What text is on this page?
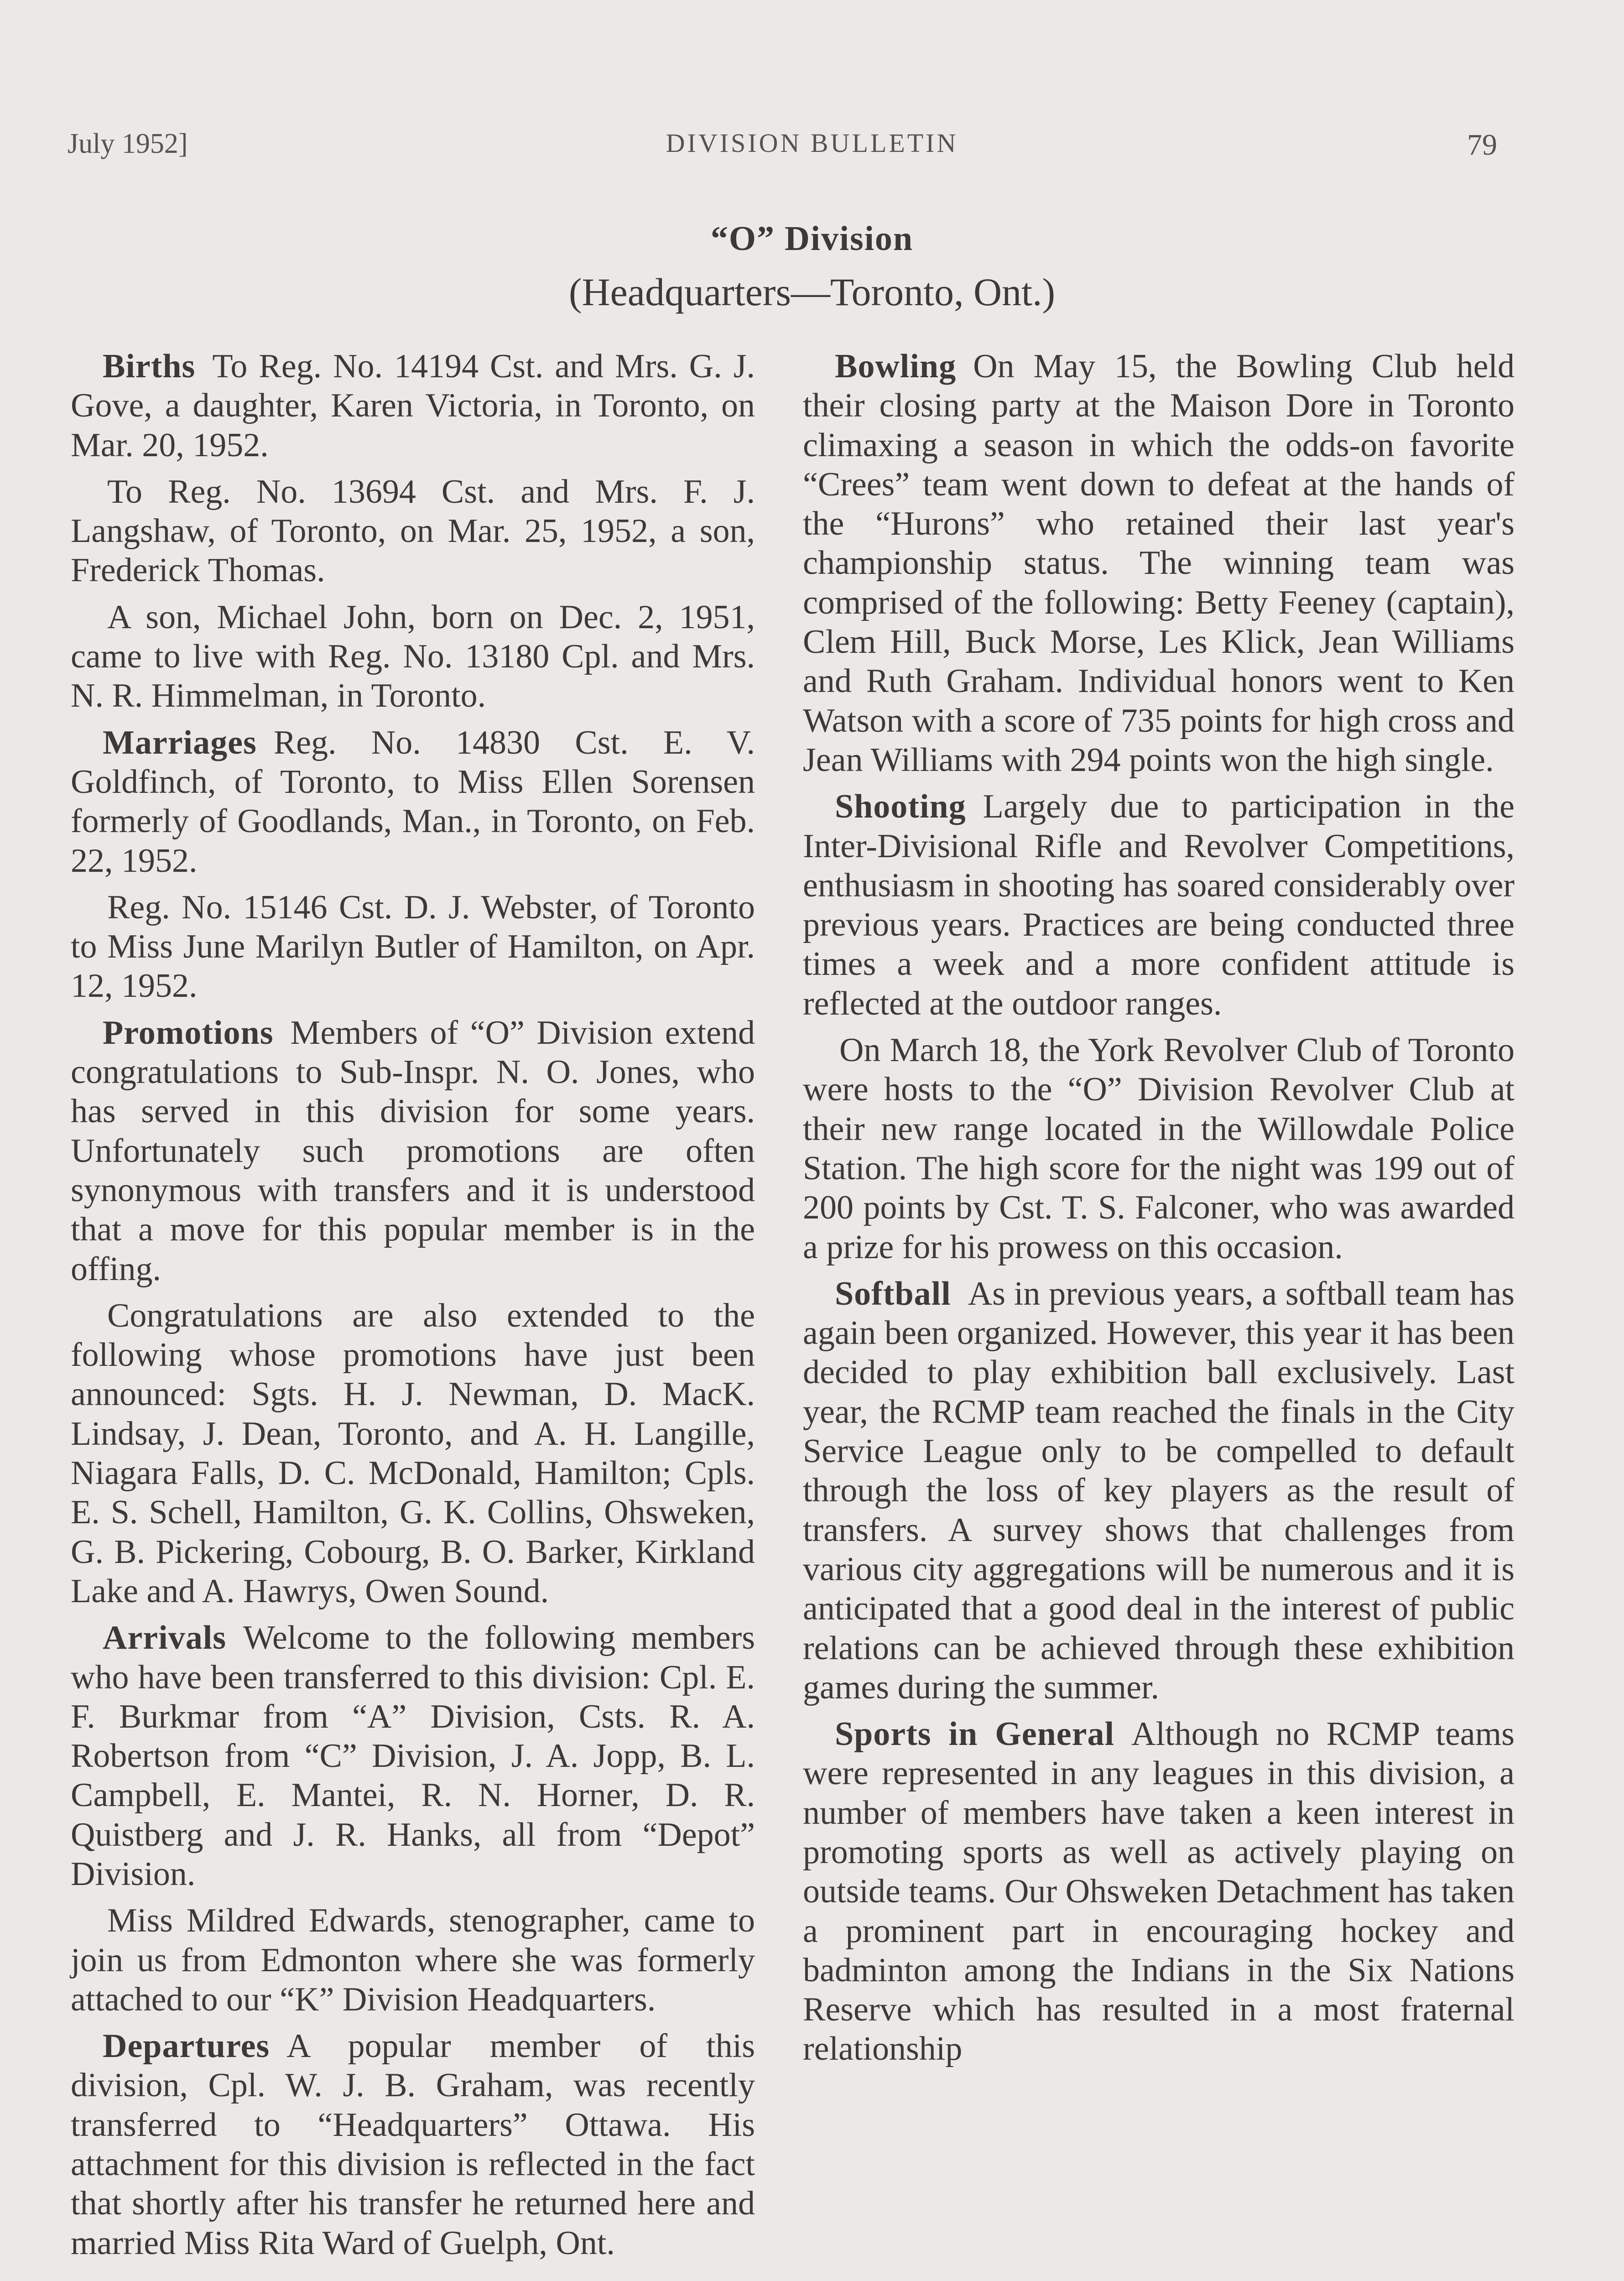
July 1952]	DIVISION BULLETIN	79
“O” Division
(Headquarters—Toronto, Ont.)

Births  To Reg. No. 14194 Cst. and Mrs. G. J. Gove, a daughter, Karen Victoria, in Toronto, on Mar. 20, 1952.

To Reg. No. 13694 Cst. and Mrs. F. J. Langshaw, of Toronto, on Mar. 25, 1952, a son, Frederick Thomas.

A son, Michael John, born on Dec. 2, 1951, came to live with Reg. No. 13180 Cpl. and Mrs. N. R. Himmelman, in Toronto.

Marriages  Reg. No. 14830 Cst. E. V. Goldfinch, of Toronto, to Miss Ellen Sorensen formerly of Goodlands, Man., in Toronto, on Feb. 22, 1952.

Reg. No. 15146 Cst. D. J. Webster, of Toronto to Miss June Marilyn Butler of Hamilton, on Apr. 12, 1952.

Promotions  Members of “O” Division extend congratulations to Sub-Inspr. N. O. Jones, who has served in this division for some years. Unfortunately such promotions are often synonymous with transfers and it is understood that a move for this popular member is in the offing.

Congratulations are also extended to the following whose promotions have just been announced: Sgts. H. J. Newman, D. MacK. Lindsay, J. Dean, Toronto, and A. H. Langille, Niagara Falls, D. C. McDonald, Hamilton; Cpls. E. S. Schell, Hamilton, G. K. Collins, Ohsweken, G. B. Pickering, Cobourg, B. O. Barker, Kirkland Lake and A. Hawrys, Owen Sound.

Arrivals  Welcome to the following members who have been transferred to this division: Cpl. E. F. Burkmar from “A” Division, Csts. R. A. Robertson from “C” Division, J. A. Jopp, B. L. Campbell, E. Mantei, R. N. Horner, D. R. Quistberg and J. R. Hanks, all from “Depot” Division.

Miss Mildred Edwards, stenographer, came to join us from Edmonton where she was formerly attached to our “K” Division Headquarters.

Departures  A popular member of this division, Cpl. W. J. B. Graham, was recently transferred to “Headquarters” Ottawa. His attachment for this division is reflected in the fact that shortly after his transfer he returned here and married Miss Rita Ward of Guelph, Ont.

Bowling  On May 15, the Bowling Club held their closing party at the Maison Dore in Toronto climaxing a season in which the odds-on favorite “Crees” team went down to defeat at the hands of the “Hurons” who retained their last year's championship status. The winning team was comprised of the following: Betty Feeney (captain), Clem Hill, Buck Morse, Les Klick, Jean Williams and Ruth Graham. Individual honors went to Ken Watson with a score of 735 points for high cross and Jean Williams with 294 points won the high single.

Shooting  Largely due to participation in the Inter-Divisional Rifle and Revolver Competitions, enthusiasm in shooting has soared considerably over previous years. Practices are being conducted three times a week and a more confident attitude is reflected at the outdoor ranges.

On March 18, the York Revolver Club of Toronto were hosts to the “O” Division Revolver Club at their new range located in the Willowdale Police Station. The high score for the night was 199 out of 200 points by Cst. T. S. Falconer, who was awarded a prize for his prowess on this occasion.

Softball  As in previous years, a softball team has again been organized. However, this year it has been decided to play exhibition ball exclusively. Last year, the RCMP team reached the finals in the City Service League only to be compelled to default through the loss of key players as the result of transfers. A survey shows that challenges from various city aggregations will be numerous and it is anticipated that a good deal in the interest of public relations can be achieved through these exhibition games during the summer.

Sports in General  Although no RCMP teams were represented in any leagues in this division, a number of members have taken a keen interest in promoting sports as well as actively playing on outside teams. Our Ohsweken Detachment has taken a prominent part in encouraging hockey and badminton among the Indians in the Six Nations Reserve which has resulted in a most fraternal relationship
